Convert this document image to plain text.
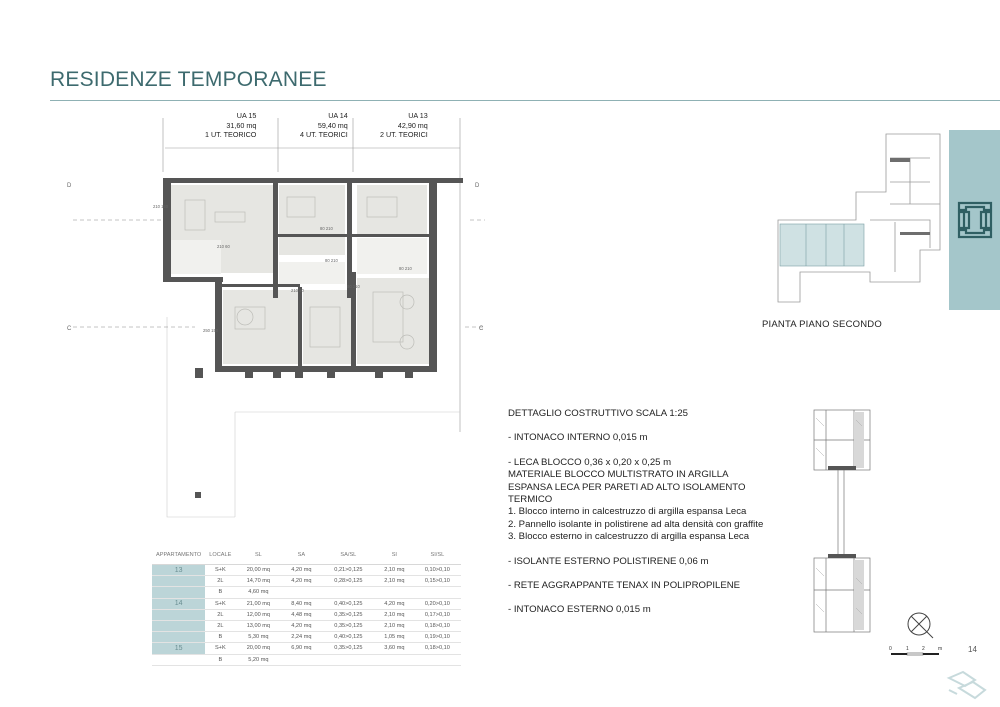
RESIDENZE TEMPORANEE
UA 15
31,60 mq
1 UT. TEORICO
UA 14
59,40 mq
4 UT. TEORICI
UA 13
42,90 mq
2 UT. TEORICI
D	D
C	C
210 150
210 60
80 210
80 210
80 210
210 80
250 150
80 210
PIANTA PIANO SECONDO
DETTAGLIO COSTRUTTIVO SCALA 1:25
- INTONACO INTERNO 0,015 m
- LECA BLOCCO 0,36 x 0,20 x 0,25 m
MATERIALE BLOCCO MULTISTRATO IN ARGILLA ESPANSA LECA PER PARETI AD ALTO ISOLAMENTO TERMICO
1. Blocco interno in calcestruzzo di argilla espansa Leca
2. Pannello isolante in polistirene ad alta densità con graffite
3. Blocco esterno in calcestruzzo di argilla espansa Leca
- ISOLANTE ESTERNO POLISTIRENE 0,06 m
- RETE AGGRAPPANTE TENAX IN POLIPROPILENE
- INTONACO ESTERNO 0,015 m
0	1	2	m	14
APPARTAMENTO	LOCALE	SL	SA	SA/SL	SI	SI/SL
13	S+K	20,00 mq	4,20 mq	0,21>0,125	2,10 mq	0,10>0,10
	2L	14,70 mq	4,20 mq	0,28>0,125	2,10 mq	0,15>0,10
	B	4,60 mq				
14	S+K	21,00 mq	8,40 mq	0,40>0,125	4,20 mq	0,20>0,10
	2L	12,00 mq	4,48 mq	0,35>0,125	2,10 mq	0,17>0,10
	2L	13,00 mq	4,20 mq	0,35>0,125	2,10 mq	0,18>0,10
	B	5,30 mq	2,24 mq	0,40>0,125	1,05 mq	0,19>0,10
15	S+K	20,00 mq	6,90 mq	0,35>0,125	3,60 mq	0,18>0,10
	B	5,20 mq				
